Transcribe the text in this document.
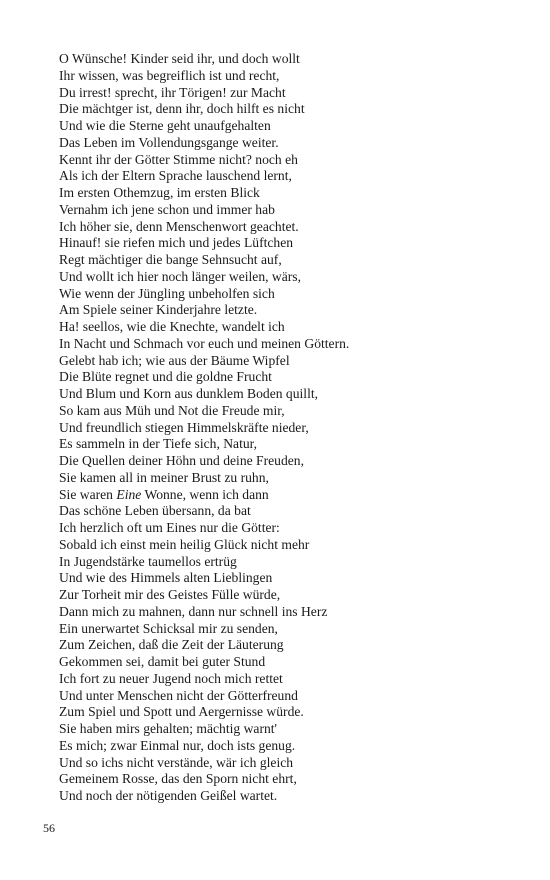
O Wünsche! Kinder seid ihr, und doch wollt
Ihr wissen, was begreiflich ist und recht,
Du irrest! sprecht, ihr Törigen! zur Macht
Die mächtger ist, denn ihr, doch hilft es nicht
Und wie die Sterne geht unaufgehalten
Das Leben im Vollendungsgange weiter.
Kennt ihr der Götter Stimme nicht? noch eh
Als ich der Eltern Sprache lauschend lernt,
Im ersten Othemzug, im ersten Blick
Vernahm ich jene schon und immer hab
Ich höher sie, denn Menschenwort geachtet.
Hinauf! sie riefen mich und jedes Lüftchen
Regt mächtiger die bange Sehnsucht auf,
Und wollt ich hier noch länger weilen, wärs,
Wie wenn der Jüngling unbeholfen sich
Am Spiele seiner Kinderjahre letzte.
Ha! seellos, wie die Knechte, wandelt ich
In Nacht und Schmach vor euch und meinen Göttern.
Gelebt hab ich; wie aus der Bäume Wipfel
Die Blüte regnet und die goldne Frucht
Und Blum und Korn aus dunklem Boden quillt,
So kam aus Müh und Not die Freude mir,
Und freundlich stiegen Himmelskräfte nieder,
Es sammeln in der Tiefe sich, Natur,
Die Quellen deiner Höhn und deine Freuden,
Sie kamen all in meiner Brust zu ruhn,
Sie waren Eine Wonne, wenn ich dann
Das schöne Leben übersann, da bat
Ich herzlich oft um Eines nur die Götter:
Sobald ich einst mein heilig Glück nicht mehr
In Jugendstärke taumellos ertrüg
Und wie des Himmels alten Lieblingen
Zur Torheit mir des Geistes Fülle würde,
Dann mich zu mahnen, dann nur schnell ins Herz
Ein unerwartet Schicksal mir zu senden,
Zum Zeichen, daß die Zeit der Läuterung
Gekommen sei, damit bei guter Stund
Ich fort zu neuer Jugend noch mich rettet
Und unter Menschen nicht der Götterfreund
Zum Spiel und Spott und Aergernisse würde.
Sie haben mirs gehalten; mächtig warnt'
Es mich; zwar Einmal nur, doch ists genug.
Und so ichs nicht verstände, wär ich gleich
Gemeinem Rosse, das den Sporn nicht ehrt,
Und noch der nötigenden Geißel wartet.
56
